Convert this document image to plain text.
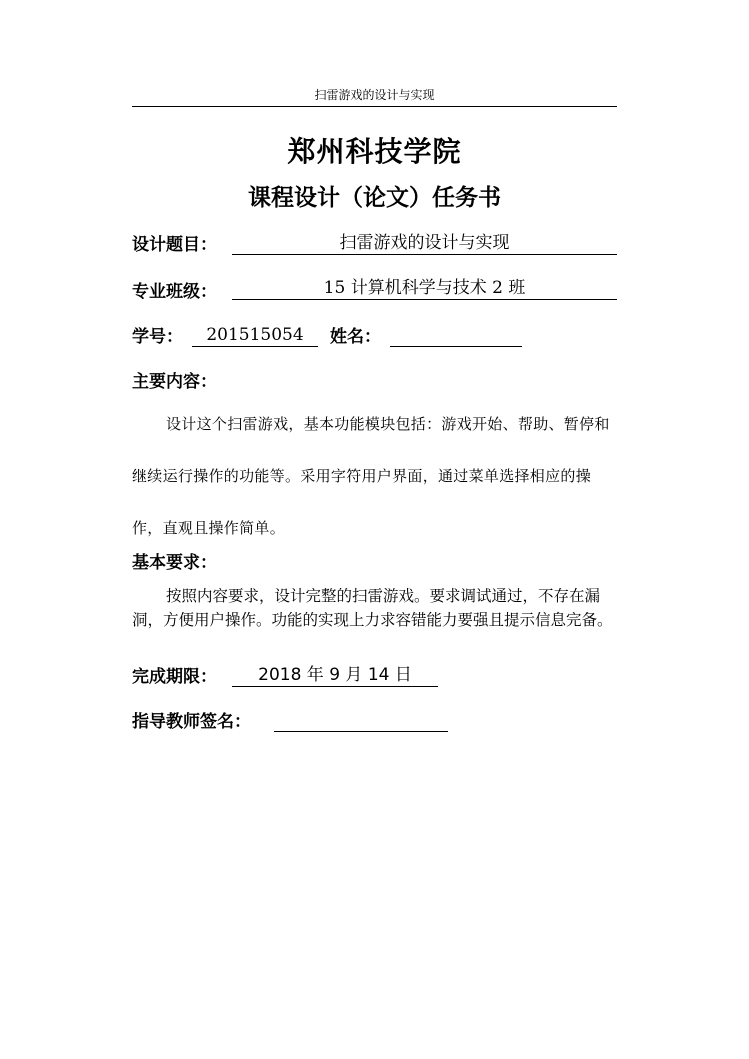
扫雷游戏的设计与实现
郑州科技学院
课程设计（论文）任务书
设计题目：	扫雷游戏的设计与实现
专业班级：	15 计算机科学与技术 2 班
学号：	201515054	姓名：
主要内容：
设计这个扫雷游戏，基本功能模块包括：游戏开始、帮助、暂停和继续运行操作的功能等。采用字符用户界面，通过菜单选择相应的操作，直观且操作简单。
基本要求：
按照内容要求，设计完整的扫雷游戏。要求调试通过，不存在漏洞，方便用户操作。功能的实现上力求容错能力要强且提示信息完备。
完成期限：	2018 年 9 月 14 日
指导教师签名：
